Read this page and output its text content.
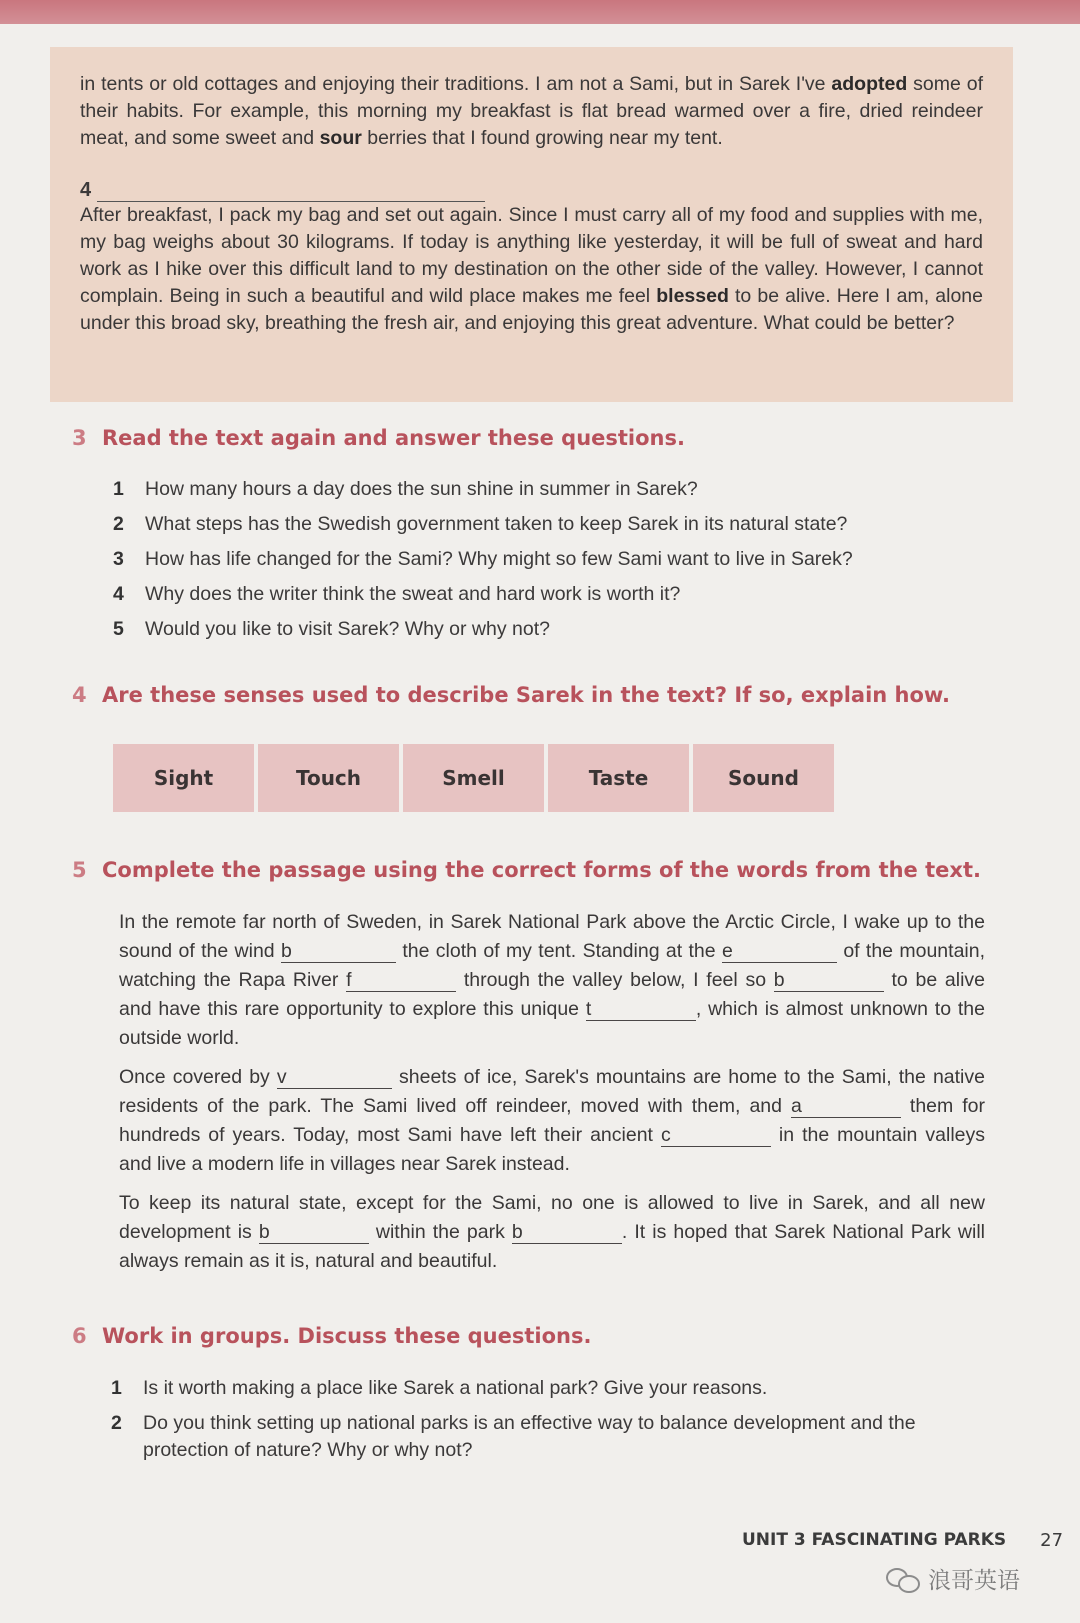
in tents or old cottages and enjoying their traditions. I am not a Sami, but in Sarek I've adopted some of their habits. For example, this morning my breakfast is flat bread warmed over a fire, dried reindeer meat, and some sweet and sour berries that I found growing near my tent.

4

After breakfast, I pack my bag and set out again. Since I must carry all of my food and supplies with me, my bag weighs about 30 kilograms. If today is anything like yesterday, it will be full of sweat and hard work as I hike over this difficult land to my destination on the other side of the valley. However, I cannot complain. Being in such a beautiful and wild place makes me feel blessed to be alive. Here I am, alone under this broad sky, breathing the fresh air, and enjoying this great adventure. What could be better?

3 Read the text again and answer these questions.
1	How many hours a day does the sun shine in summer in Sarek?
2	What steps has the Swedish government taken to keep Sarek in its natural state?
3	How has life changed for the Sami? Why might so few Sami want to live in Sarek?
4	Why does the writer think the sweat and hard work is worth it?
5	Would you like to visit Sarek? Why or why not?
4 Are these senses used to describe Sarek in the text? If so, explain how.
Sight	Touch	Smell	Taste	Sound
5 Complete the passage using the correct forms of the words from the text.

In the remote far north of Sweden, in Sarek National Park above the Arctic Circle, I wake up to the sound of the wind b	the cloth of my tent. Standing at the e	of the mountain, watching the Rapa River f	through the valley below, I feel so b	to be alive and have this rare opportunity to explore this unique t	, which is almost unknown to the outside world.

Once covered by v	sheets of ice, Sarek's mountains are home to the Sami, the native residents of the park. The Sami lived off reindeer, moved with them, and a	them for hundreds of years. Today, most Sami have left their ancient c	in the mountain valleys and live a modern life in villages near Sarek instead.

To keep its natural state, except for the Sami, no one is allowed to live in Sarek, and all new development is b	within the park b	. It is hoped that Sarek National Park will always remain as it is, natural and beautiful.

6 Work in groups. Discuss these questions.
1	Is it worth making a place like Sarek a national park? Give your reasons.
2	Do you think setting up national parks is an effective way to balance development and the protection of nature? Why or why not?
UNIT 3
FASCINATING PARKS 27
浪哥英语
